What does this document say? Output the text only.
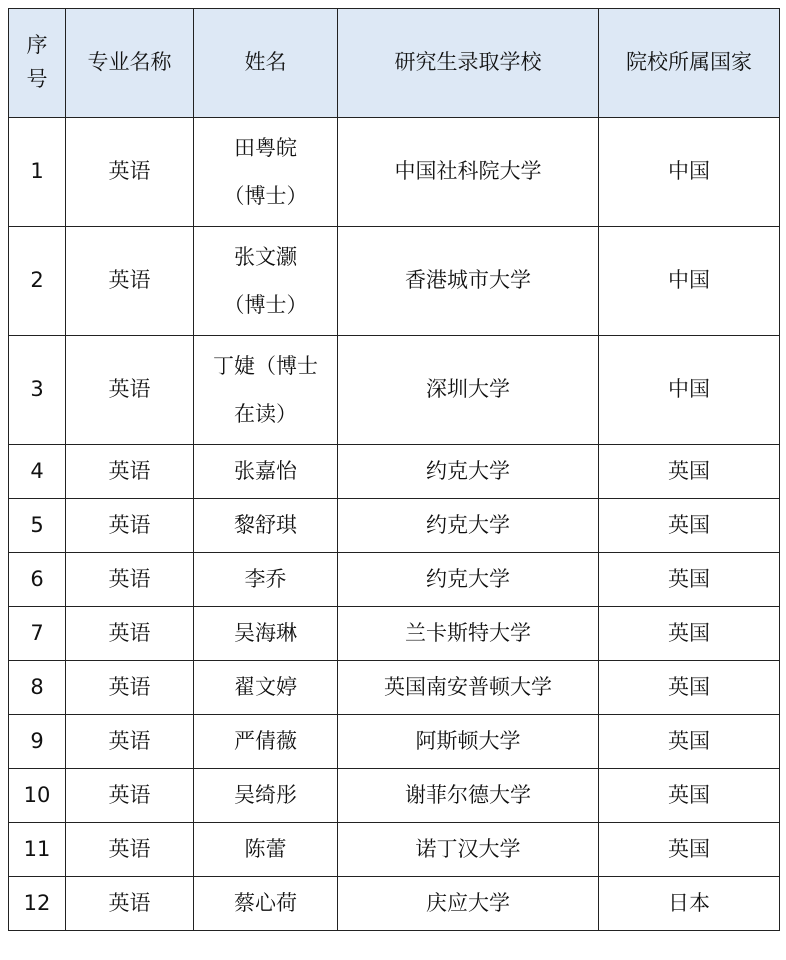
序号	专业名称	姓名	研究生录取学校	院校所属国家
1	英语	田粤皖（博士）	中国社科院大学	中国
2	英语	张文灏（博士）	香港城市大学	中国
3	英语	丁婕（博士在读）	深圳大学	中国
4	英语	张嘉怡	约克大学	英国
5	英语	黎舒琪	约克大学	英国
6	英语	李乔	约克大学	英国
7	英语	吴海琳	兰卡斯特大学	英国
8	英语	翟文婷	英国南安普顿大学	英国
9	英语	严倩薇	阿斯顿大学	英国
10	英语	吴绮彤	谢菲尔德大学	英国
11	英语	陈蕾	诺丁汉大学	英国
12	英语	蔡心荷	庆应大学	日本
